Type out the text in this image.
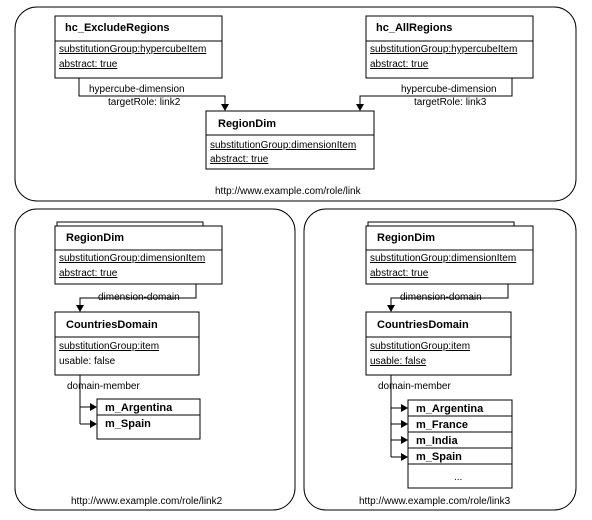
hc_ExcludeRegions
substitutionGroup:hypercubeItem
abstract: true
hc_AllRegions
substitutionGroup:hypercubeItem
abstract: true
RegionDim
substitutionGroup:dimensionItem
abstract: true
hypercube-dimension
targetRole: link2
hypercube-dimension
targetRole: link3
http://www.example.com/role/link
RegionDim
substitutionGroup:dimensionItem
abstract: true
dimension-domain
CountriesDomain
substitutionGroup:item
usable: false
domain-member
m_Argentina
m_Spain
http://www.example.com/role/link2
RegionDim
substitutionGroup:dimensionItem
abstract: true
dimension-domain
CountriesDomain
substitutionGroup:item
usable: false
domain-member
m_Argentina
m_France
m_India
m_Spain
...
http://www.example.com/role/link3
